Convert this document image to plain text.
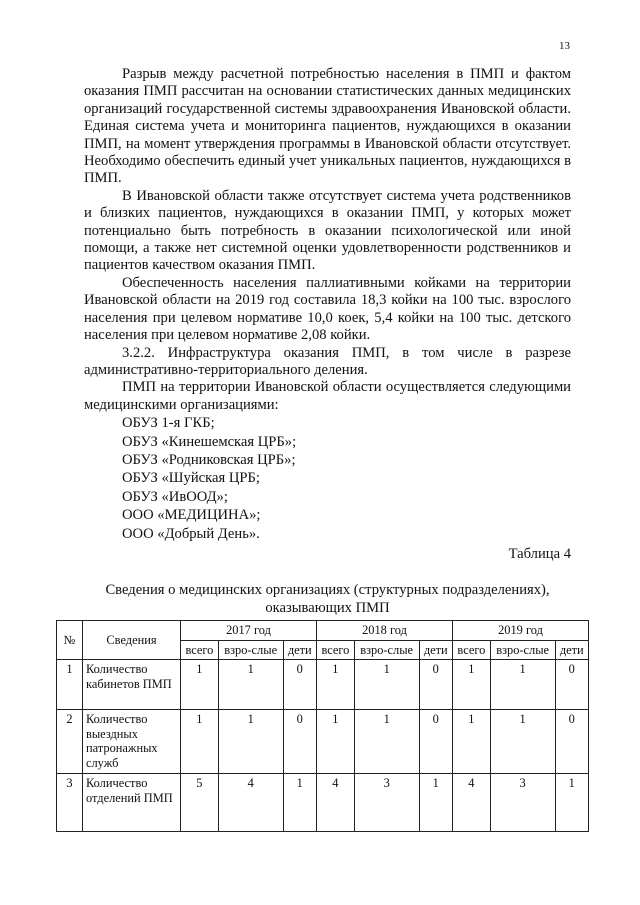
13

Разрыв между расчетной потребностью населения в ПМП и фактом оказания ПМП рассчитан на основании статистических данных медицинских организаций государственной системы здравоохранения Ивановской области. Единая система учета и мониторинга пациентов, нуждающихся в оказании ПМП, на момент утверждения программы в Ивановской области отсутствует. Необходимо обеспечить единый учет уникальных пациентов, нуждающихся в ПМП.

В Ивановской области также отсутствует система учета родственников и близких пациентов, нуждающихся в оказании ПМП, у которых может потенциально быть потребность в оказании психологической или иной помощи, а также нет системной оценки удовлетворенности родственников и пациентов качеством оказания ПМП.

Обеспеченность населения паллиативными койками на территории Ивановской области на 2019 год составила 18,3 койки на 100 тыс. взрослого населения при целевом нормативе 10,0 коек, 5,4 койки на 100 тыс. детского населения при целевом нормативе 2,08 койки.

3.2.2. Инфраструктура оказания ПМП, в том числе в разрезе административно-территориального деления.

ПМП на территории Ивановской области осуществляется следующими медицинскими организациями:

ОБУЗ 1-я ГКБ;
ОБУЗ «Кинешемская ЦРБ»;
ОБУЗ «Родниковская ЦРБ»;
ОБУЗ «Шуйская ЦРБ;
ОБУЗ «ИвООД»;
ООО «МЕДИЦИНА»;
ООО «Добрый День».

Таблица 4

Сведения о медицинских организациях (структурных подразделениях), оказывающих ПМП

№	Сведения	2017 год			2018 год			2019 год		
		всего	взро-слые	дети	всего	взро-слые	дети	всего	взро-слые	дети
1	Количество кабинетов ПМП	1	1	0	1	1	0	1	1	0
2	Количество выездных патронажных служб	1	1	0	1	1	0	1	1	0
3	Количество отделений ПМП	5	4	1	4	3	1	4	3	1
